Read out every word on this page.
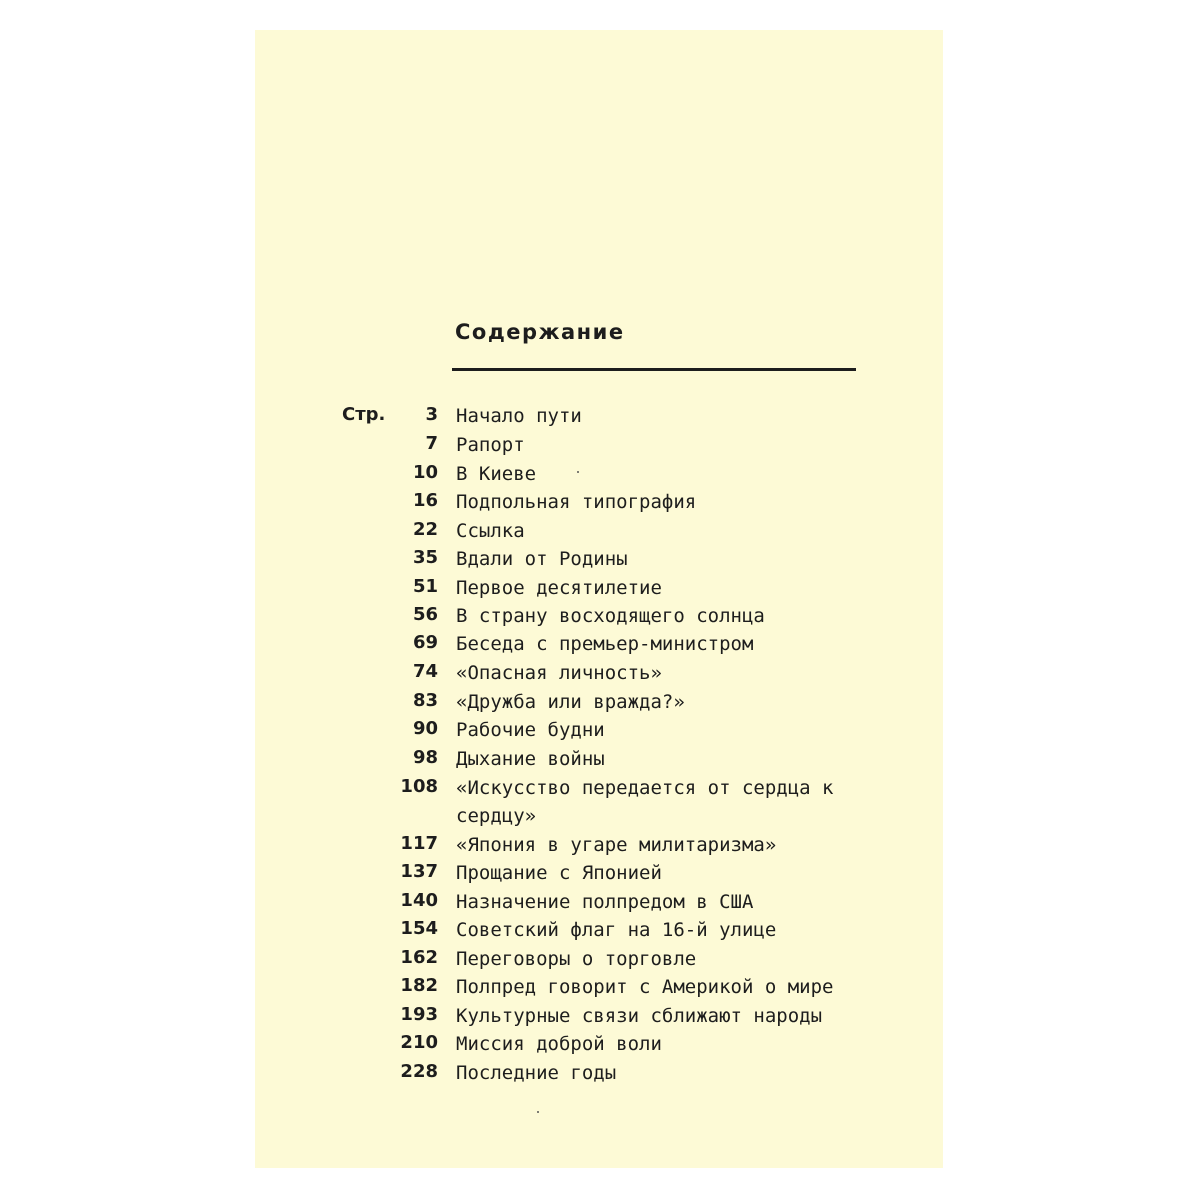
Содержание
Стр. 3 Начало пути
7 Рапорт
10 В Киеве
16 Подпольная типография
22 Ссылка
35 Вдали от Родины
51 Первое десятилетие
56 В страну восходящего солнца
69 Беседа с премьер-министром
74 «Опасная личность»
83 «Дружба или вражда?»
90 Рабочие будни
98 Дыхание войны
108 «Искусство передается от сердца к сердцу»
117 «Япония в угаре милитаризма»
137 Прощание с Японией
140 Назначение полпредом в США
154 Советский флаг на 16-й улице
162 Переговоры о торговле
182 Полпред говорит с Америкой о мире
193 Культурные связи сближают народы
210 Миссия доброй воли
228 Последние годы
